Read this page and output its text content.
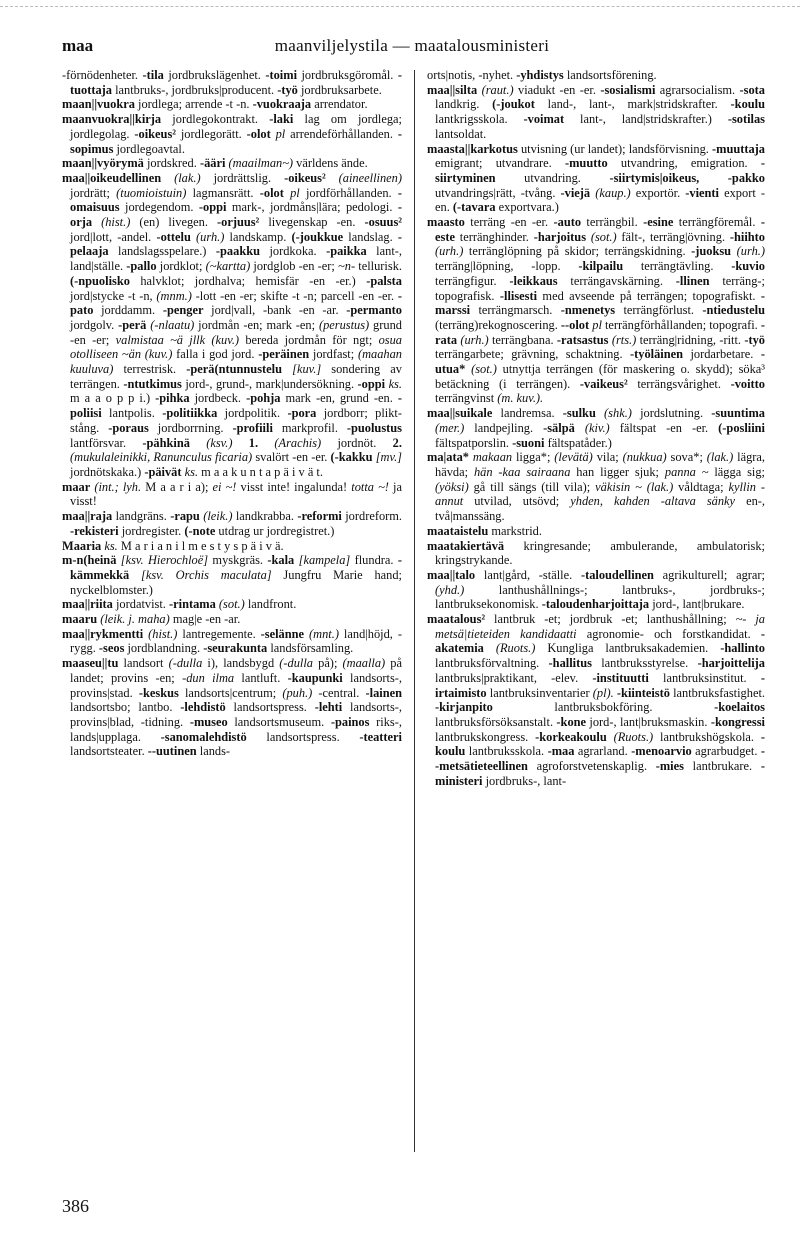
maa	maanviljelystila — maatalousministeri

-förnödenheter. -tila jordbrukslägenhet. -toimi jordbruksgöromål. -tuottaja lantbruks-, jordbruks|producent. -työ jordbruksarbete.

maan||vuokra jordlega; arrende -t -n. -vuokraaja arrendator.

maanvuokra||kirja jordlegokontrakt. -laki lag om jordlega; jordlegolag. -oikeus² jordlegorätt. -olot pl arrendeförhållanden. -sopimus jordlegoavtal.

maan||vyörymä jordskred. -ääri (maailman~) världens ände.

maa||oikeudellinen (lak.) jordrättslig. -oikeus² (aineellinen) jordrätt; (tuomioistuin) lagmansrätt. -olot pl jordförhållanden. -omaisuus jordegendom. -oppi mark-, jordmåns|lära; pedologi. -orja (hist.) (en) livegen. -orjuus² livegenskap -en. -osuus² jord|lott, -andel. -ottelu (urh.) landskamp. (-joukkue landslag. -pelaaja landslagsspelare.) -paakku jordkoka. -paikka lant-, land|ställe. -pallo jordklot; (~kartta) jordglob -en -er; ~n- tellurisk. (-npuolisko halvklot; jordhalva; hemisfär -en -er.) -palsta jord|stycke -t -n, (mnm.) -lott -en -er; skifte -t -n; parcell -en -er. -pato jorddamm. -penger jord|vall, -bank -en -ar. -permanto jordgolv. -perä (-nlaatu) jordmån -en; mark -en; (perustus) grund -en -er; valmistaa ~ä jllk (kuv.) bereda jordmån för ngt; osua otolliseen ~än (kuv.) falla i god jord. -peräinen jordfast; (maahan kuuluva) terrestrisk. -perä(ntunnustelu [kuv.] sondering av terrängen. -ntutkimus jord-, grund-, mark|undersökning. -oppi ks. m a a o p p i.) -pihka jordbeck. -pohja mark -en, grund -en. -poliisi lantpolis. -politiikka jordpolitik. -pora jordborr; plikt-stång. -poraus jordborrning. -profiili markprofil. -puolustus lantförsvar. -pähkinä (ksv.) 1. (Arachis) jordnöt. 2. (mukulaleinikki, Ranunculus ficaria) svalört -en -er. (-kakku [mv.] jordnötskaka.) -päivät ks. m a a k u n t a p ä i v ä t.

maar (int.; lyh. M a a r i a); ei ~! visst inte! ingalunda! totta ~! ja visst!

maa||raja landgräns. -rapu (leik.) landkrabba. -reformi jordreform. -rekisteri jordregister. (-note utdrag ur jordregistret.)

Maaria ks. M a r i a n i l m e s t y s p ä i v ä.

m-n(heinä [ksv. Hierochloë] myskgräs. -kala [kampela] flundra. -kämmekkä [ksv. Orchis maculata] Jungfru Marie hand; nyckelblomster.)

maa||riita jordatvist. -rintama (sot.) landfront.

maaru (leik. j. maha) mag|e -en -ar.

maa||rykmentti (hist.) lantregemente. -selänne (mnt.) land|höjd, -rygg. -seos jordblandning. -seurakunta landsförsamling.

maaseu||tu landsort (-dulla i), landsbygd (-dulla på); (maalla) på landet; provins -en; -dun ilma lantluft. -kaupunki landsorts-, provins|stad. -keskus landsorts|centrum; (puh.) -central. -lainen landsortsbo; lantbo. -lehdistö landsortspress. -lehti landsorts-, provins|blad, -tidning. -museo landsortsmuseum. -painos riks-, lands|upplaga. -sanomalehdistö landsortspress. -teatteri landsortsteater. --uutinen lands-

orts|notis, -nyhet. -yhdistys landsortsförening.

maa||silta (raut.) viadukt -en -er. -sosialismi agrarsocialism. -sota landkrig. (-joukot land-, lant-, mark|stridskrafter. -koulu lantkrigsskola. -voimat lant-, land|stridskrafter.) -sotilas lantsoldat.

maasta||karkotus utvisning (ur landet); landsförvisning. -muuttaja emigrant; utvandrare. -muutto utvandring, emigration. -siirtyminen utvandring. -siirtymis|oikeus, -pakko utvandrings|rätt, -tvång. -viejä (kaup.) exportör. -vienti export -en. (-tavara exportvara.)

maasto terräng -en -er. -auto terrängbil. -esine terrängföremål. -este terränghinder. -harjoitus (sot.) fält-, terräng|övning. -hiihto (urh.) terränglöpning på skidor; terrängskidning. -juoksu (urh.) terräng|löpning, -lopp. -kilpailu terrängtävling. -kuvio terrängfigur. -leikkaus terrängavskärning. -llinen terräng-; topografisk. -llisesti med avseende på terrängen; topografiskt. -marssi terrängmarsch. -nmenetys terrängförlust. -ntiedustelu (terräng)rekognoscering. --olot pl terrängförhållanden; topografi. -rata (urh.) terrängbana. -ratsastus (rts.) terräng|ridning, -ritt. -työ terrängarbete; grävning, schaktning. -työläinen jordarbetare. -utua* (sot.) utnyttja terrängen (för maskering o. skydd); söka³ betäckning (i terrängen). -vaikeus² terrängsvårighet. -voitto terrängvinst (m. kuv.).

maa||suikale landremsa. -sulku (shk.) jordslutning. -suuntima (mer.) landpejling. -sälpä (kiv.) fältspat -en -er. (-posliini fältspatporslin. -suoni fältspatåder.)

ma|ata* makaan ligga*; (levätä) vila; (nukkua) sova*; (lak.) lägra, hävda; hän -kaa sairaana han ligger sjuk; panna ~ lägga sig; (yöksi) gå till sängs (till vila); väkisin ~ (lak.) våldtaga; kyllin -annut utvilad, utsövd; yhden, kahden -altava sänky en-, två|manssäng.

maataistelu markstrid.

maatakiertävä kringresande; ambulerande, ambulatorisk; kringstrykande.

maa||talo lant|gård, -ställe. -taloudellinen agrikulturell; agrar; (yhd.) lanthushållnings-; lantbruks-, jordbruks-; lantbruksekonomisk. -taloudenharjoittaja jord-, lant|brukare.

maatalous² lantbruk -et; jordbruk -et; lanthushållning; ~- ja metsä|tieteiden kandidaatti agronomie- och forstkandidat. -akatemia (Ruots.) Kungliga lantbruksakademien. -hallinto lantbruksförvaltning. -hallitus lantbruksstyrelse. -harjoittelija lantbruks|praktikant, -elev. -instituutti lantbruksinstitut. -irtaimisto lantbruksinventarier (pl). -kiinteistö lantbruksfastighet. -kirjanpito lantbruksbokföring. -koelaitos lantbruksförsöksanstalt. -kone jord-, lant|bruksmaskin. -kongressi lantbrukskongress. -korkeakoulu (Ruots.) lantbrukshögskola. -koulu lantbruksskola. -maa agrarland. -menoarvio agrarbudget. --metsätieteellinen agroforstvetenskaplig. -mies lantbrukare. -ministeri jordbruks-, lant-

386
